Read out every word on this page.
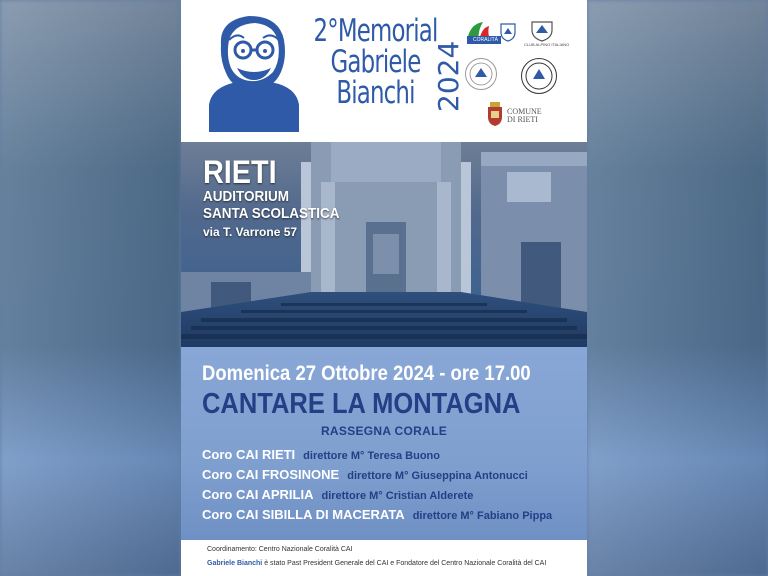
2°Memorial
Gabriele
Bianchi 2024
CORALITÀ
CLUB ALPINO ITALIANO
COMUNE
DI RIETI
RIETI
AUDITORIUM
SANTA SCOLASTICA
via T. Varrone 57
Domenica 27 Ottobre 2024 - ore 17.00
CANTARE LA MONTAGNA
RASSEGNA CORALE
Coro CAI RIETI direttore M° Teresa Buono
Coro CAI FROSINONE direttore M° Giuseppina Antonucci
Coro CAI APRILIA direttore M° Cristian Alderete
Coro CAI SIBILLA DI MACERATA direttore M° Fabiano Pippa
Coordinamento: Centro Nazionale Coralità CAI
Gabriele Bianchi è stato Past President Generale del CAI e Fondatore del Centro Nazionale Coralità del CAI
